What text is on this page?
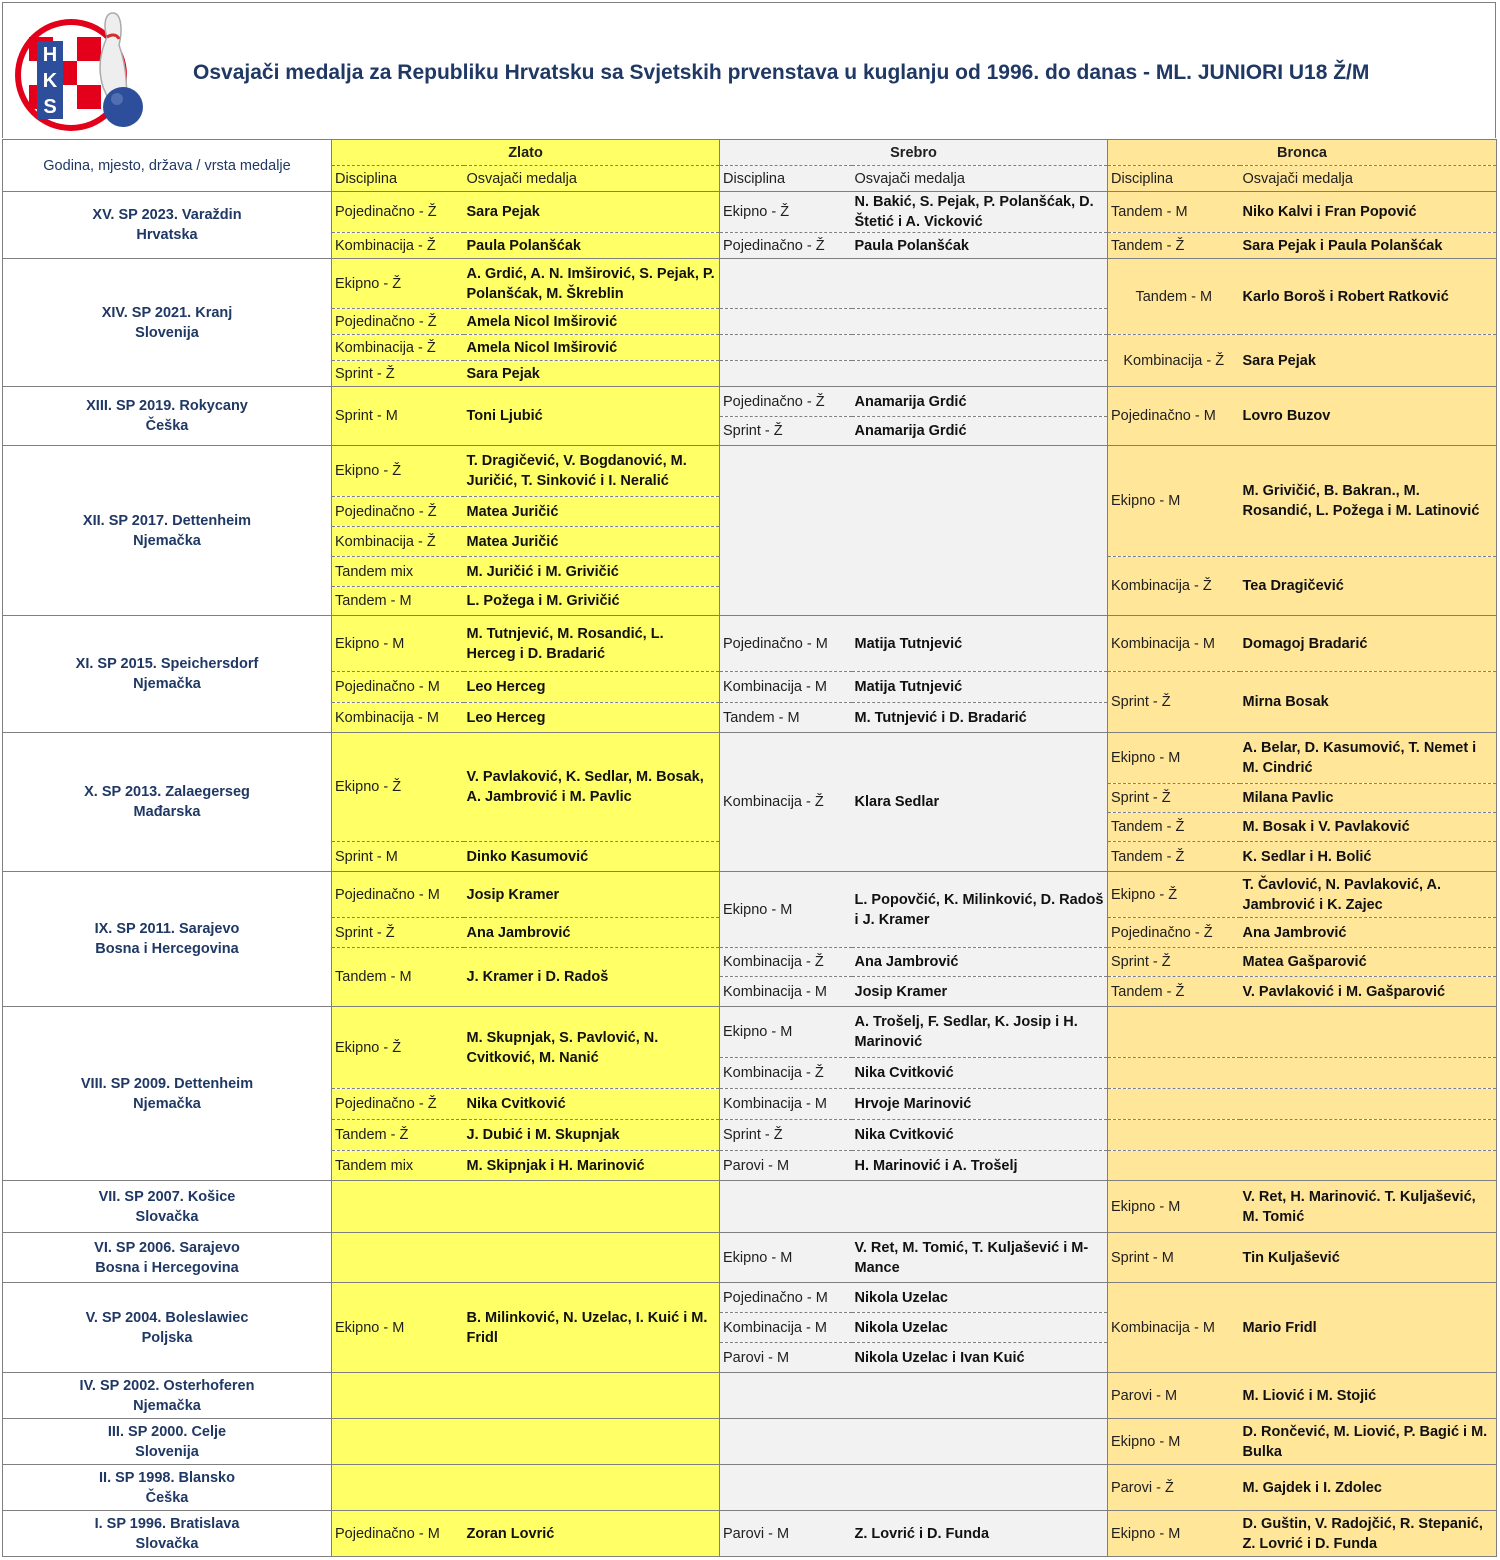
H
K
S
Osvajači medalja za Republiku Hrvatsku sa Svjetskih prvenstava u kuglanju od 1996. do danas - ML. JUNIORI U18 Ž/M
Godina, mjesto, država / vrsta medalje	Zlato		Srebro		Bronca	
	Disciplina	Osvajači medalja	Disciplina	Osvajači medalja	Disciplina	Osvajači medalja

XV. SP 2023. Varaždin
Hrvatska	Pojedinačno - Ž	Sara Pejak	Ekipno - Ž	N. Bakić, S. Pejak, P. Polanšćak, D. Štetić i A. Vicković	Tandem - M	Niko Kalvi i Fran Popović
	Kombinacija - Ž	Paula Polanšćak	Pojedinačno - Ž	Paula Polanšćak	Tandem - Ž	Sara Pejak i Paula Polanšćak

XIV. SP 2021. Kranj
Slovenija	Ekipno - Ž	A. Grdić, A. N. Imširović, S. Pejak, P. Polanšćak, M. Škreblin			Tandem - M	Karlo Boroš i Robert Ratković
	Pojedinačno - Ž	Amela Nicol Imširović				
	Kombinacija - Ž	Amela Nicol Imširović			Kombinacija - Ž	Sara Pejak
	Sprint - Ž	Sara Pejak				

XIII. SP 2019. Rokycany
Češka	Sprint - M	Toni Ljubić	Pojedinačno - Ž	Anamarija Grdić	Pojedinačno - M	Lovro Buzov
			Sprint - Ž	Anamarija Grdić		

XII. SP 2017. Dettenheim
Njemačka	Ekipno - Ž	T. Dragičević, V. Bogdanović, M. Juričić, T. Sinković i I. Neralić			Ekipno - M	M. Grivičić, B. Bakran., M. Rosandić, L. Požega i M. Latinović
	Pojedinačno - Ž	Matea Juričić				
	Kombinacija - Ž	Matea Juričić				
	Tandem mix	M. Juričić i M. Grivičić			Kombinacija - Ž	Tea Dragičević
	Tandem - M	L. Požega i M. Grivičić				

XI. SP 2015. Speichersdorf
Njemačka	Ekipno - M	M. Tutnjević, M. Rosandić, L. Herceg i D. Bradarić	Pojedinačno - M	Matija Tutnjević	Kombinacija - M	Domagoj Bradarić
	Pojedinačno - M	Leo Herceg	Kombinacija - M	Matija Tutnjević	Sprint - Ž	Mirna Bosak
	Kombinacija - M	Leo Herceg	Tandem - M	M. Tutnjević i D. Bradarić		

X. SP 2013. Zalaegerseg
Mađarska	Ekipno - Ž	V. Pavlaković, K. Sedlar, M. Bosak, A. Jambrović i M. Pavlic	Kombinacija - Ž	Klara Sedlar	Ekipno - M	A. Belar, D. Kasumović, T. Nemet i M. Cindrić
					Sprint - Ž	Milana Pavlic
					Tandem - Ž	M. Bosak i V. Pavlaković
	Sprint - M	Dinko Kasumović			Tandem - Ž	K. Sedlar i H. Bolić

IX. SP 2011. Sarajevo
Bosna i Hercegovina	Pojedinačno - M	Josip Kramer	Ekipno - M	L. Popovčić, K. Milinković, D. Radoš i J. Kramer	Ekipno - Ž	T. Čavlović, N. Pavlaković, A. Jambrović i K. Zajec
	Sprint - Ž	Ana Jambrović			Pojedinačno - Ž	Ana Jambrović
	Tandem - M	J. Kramer i D. Radoš	Kombinacija - Ž	Ana Jambrović	Sprint - Ž	Matea Gašparović
			Kombinacija - M	Josip Kramer	Tandem - Ž	V. Pavlaković i M. Gašparović

VIII. SP 2009. Dettenheim
Njemačka	Ekipno - Ž	M. Skupnjak, S. Pavlović, N. Cvitković, M. Nanić	Ekipno - M	A. Trošelj, F. Sedlar, K. Josip i H. Marinović		
			Kombinacija - Ž	Nika Cvitković		
	Pojedinačno - Ž	Nika Cvitković	Kombinacija - M	Hrvoje Marinović		
	Tandem - Ž	J. Dubić i M. Skupnjak	Sprint - Ž	Nika Cvitković		
	Tandem mix	M. Skipnjak i H. Marinović	Parovi - M	H. Marinović i A. Trošelj		

VII. SP 2007. Košice
Slovačka					Ekipno - M	V. Ret, H. Marinović. T. Kuljašević, M. Tomić

VI. SP 2006. Sarajevo
Bosna i Hercegovina			Ekipno - M	V. Ret, M. Tomić, T. Kuljašević i M-Mance	Sprint - M	Tin Kuljašević

V. SP 2004. Boleslawiec
Poljska	Ekipno - M	B. Milinković, N. Uzelac, I. Kuić i M. Fridl	Pojedinačno - M	Nikola Uzelac	Kombinacija - M	Mario Fridl
			Kombinacija - M	Nikola Uzelac		
			Parovi - M	Nikola Uzelac i Ivan Kuić		

IV. SP 2002. Osterhoferen
Njemačka					Parovi - M	M. Liović i M. Stojić

III. SP 2000. Celje
Slovenija					Ekipno - M	D. Rončević, M. Liović, P. Bagić i M. Bulka

II. SP 1998. Blansko
Češka					Parovi - Ž	M. Gajdek i I. Zdolec

I. SP 1996. Bratislava
Slovačka	Pojedinačno - M	Zoran Lovrić	Parovi - M	Z. Lovrić i D. Funda	Ekipno - M	D. Guštin, V. Radojčić, R. Stepanić, Z. Lovrić i D. Funda
